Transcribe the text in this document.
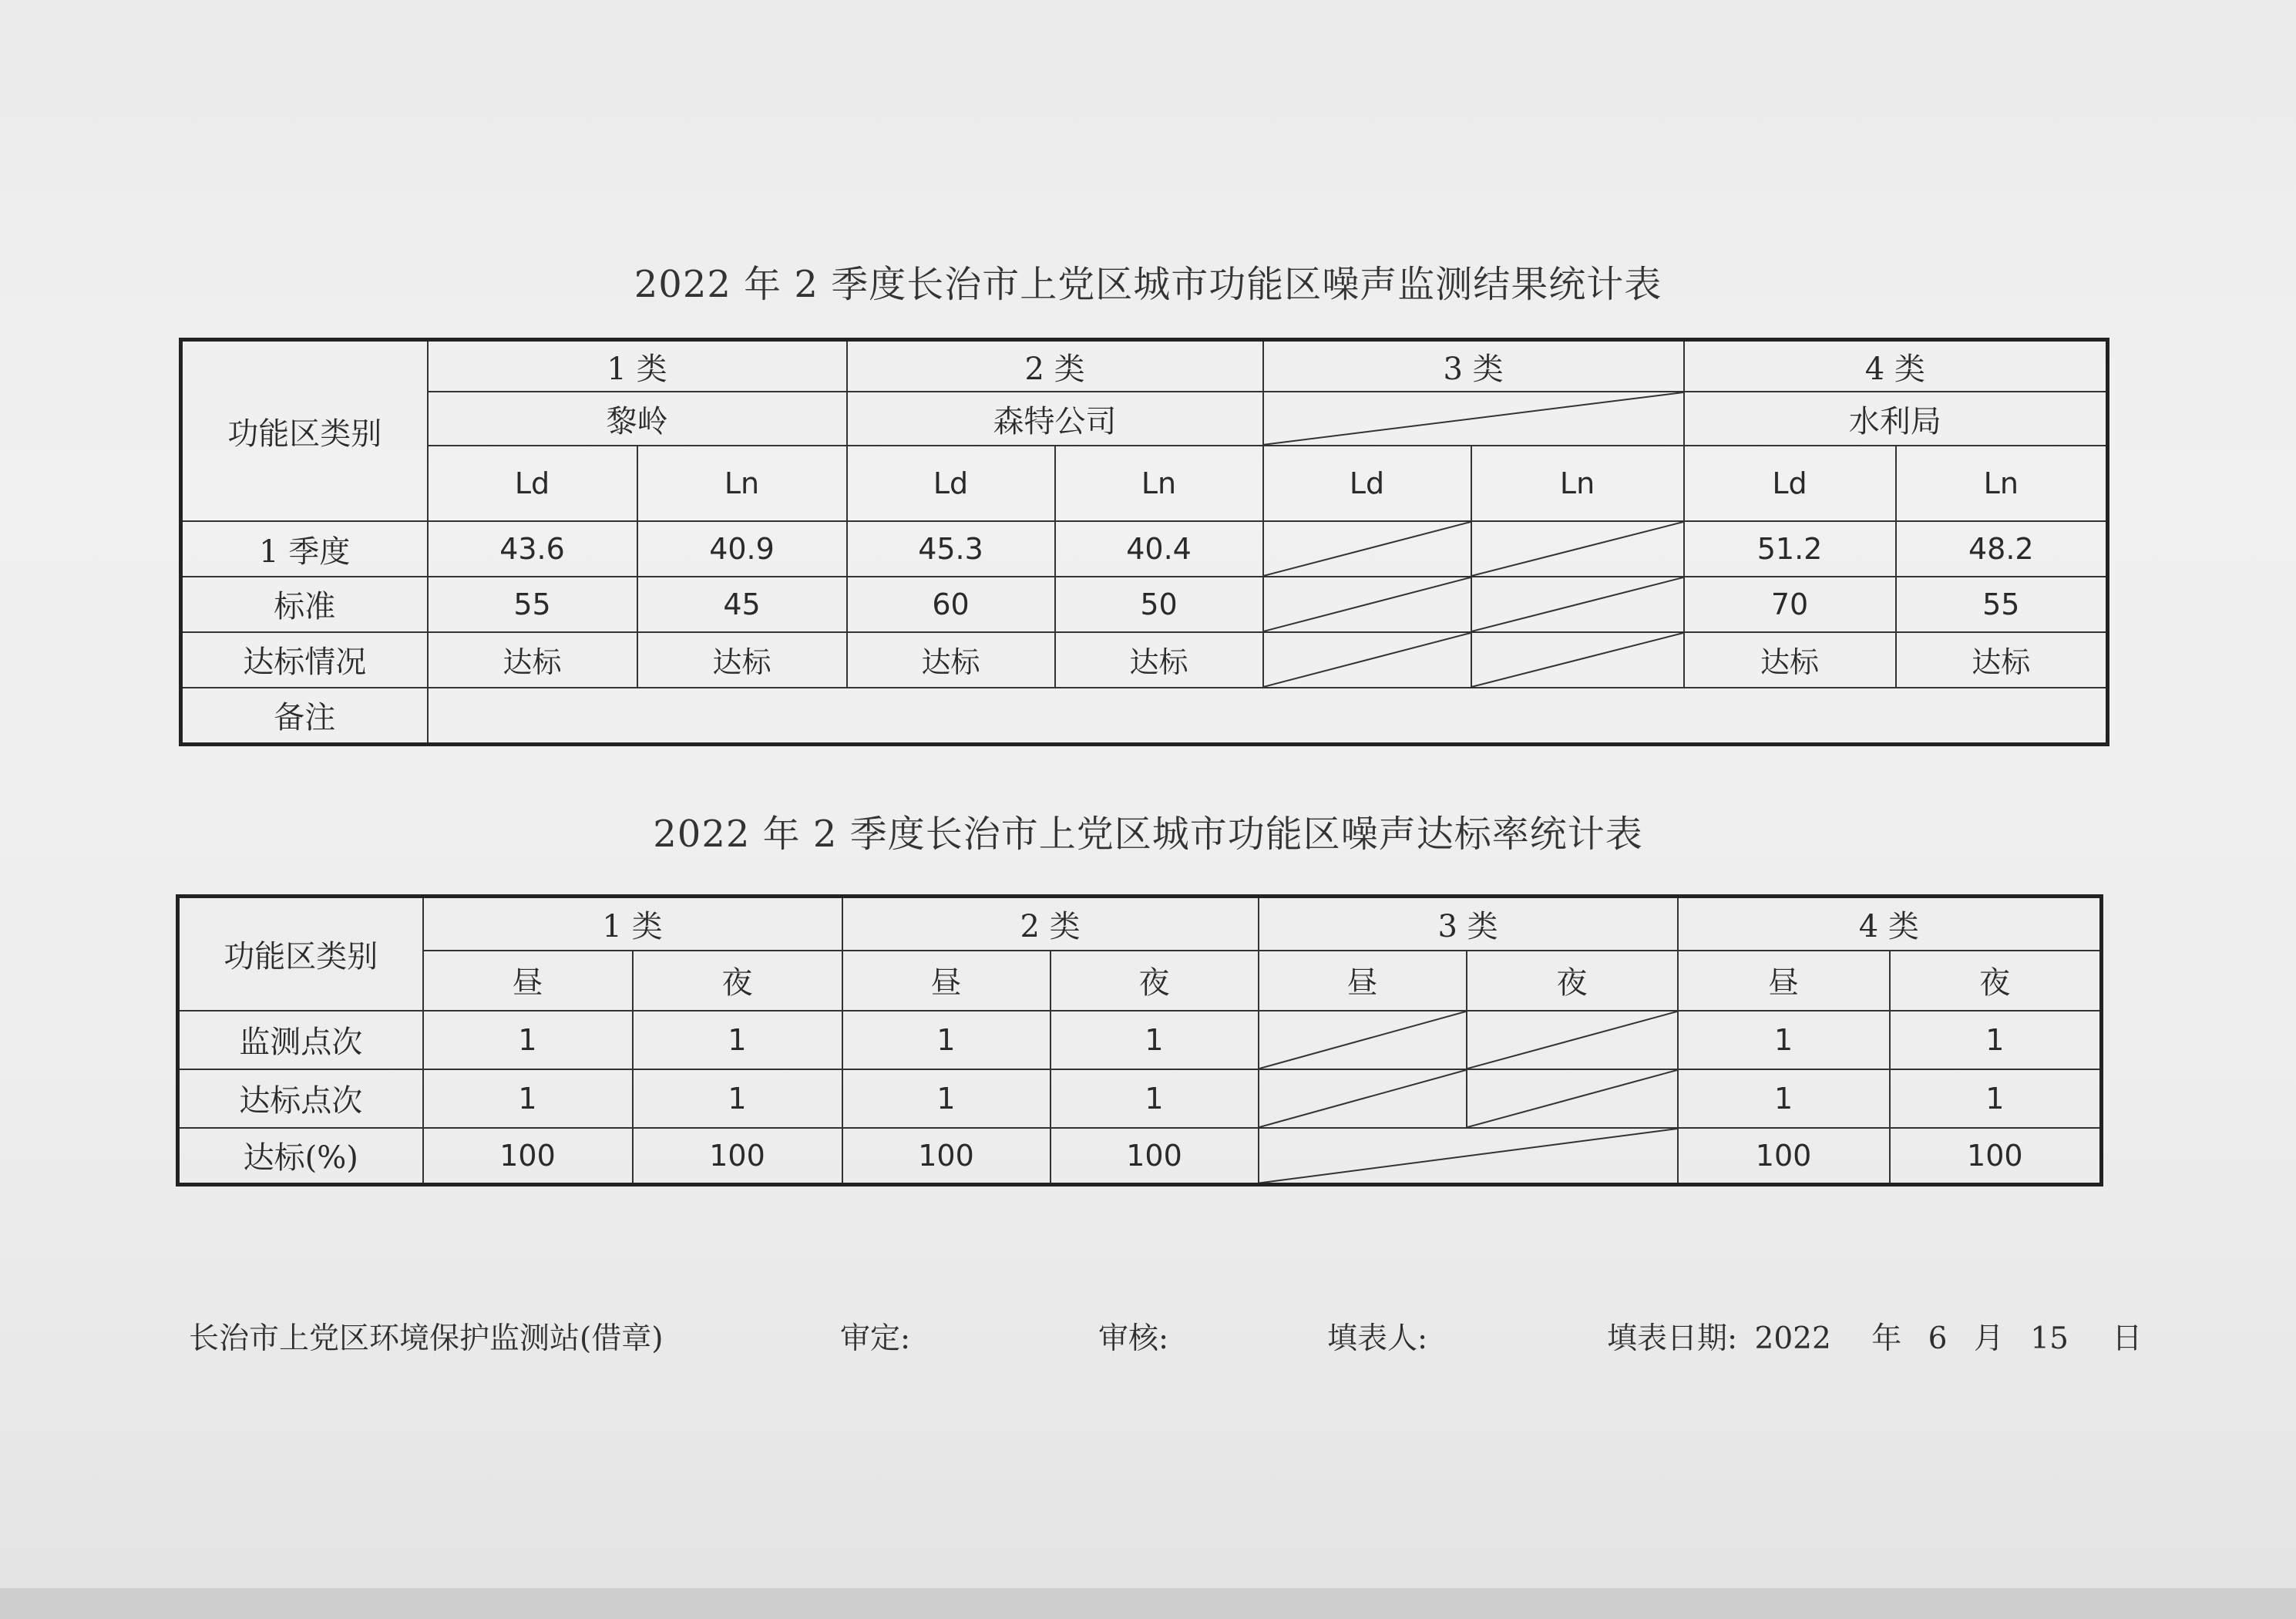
2022 年 2 季度长治市上党区城市功能区噪声监测结果统计表
功能区类别	1 类		2 类		3 类		4 类	
	黎岭		森特公司				水利局	
	Ld	Ln	Ld	Ln	Ld	Ln	Ld	Ln
1 季度	43.6	40.9	45.3	40.4			51.2	48.2
标准	55	45	60	50			70	55
达标情况	达标	达标	达标	达标			达标	达标
备注								
2022 年 2 季度长治市上党区城市功能区噪声达标率统计表
功能区类别	1 类		2 类		3 类		4 类	
	昼	夜	昼	夜	昼	夜	昼	夜
监测点次	1	1	1	1			1	1
达标点次	1	1	1	1			1	1
达标(%)	100	100	100	100			100	100
长治市上党区环境保护监测站(借章)	审定:	审核:	填表人:	填表日期: 2022 年 6 月 15 日
